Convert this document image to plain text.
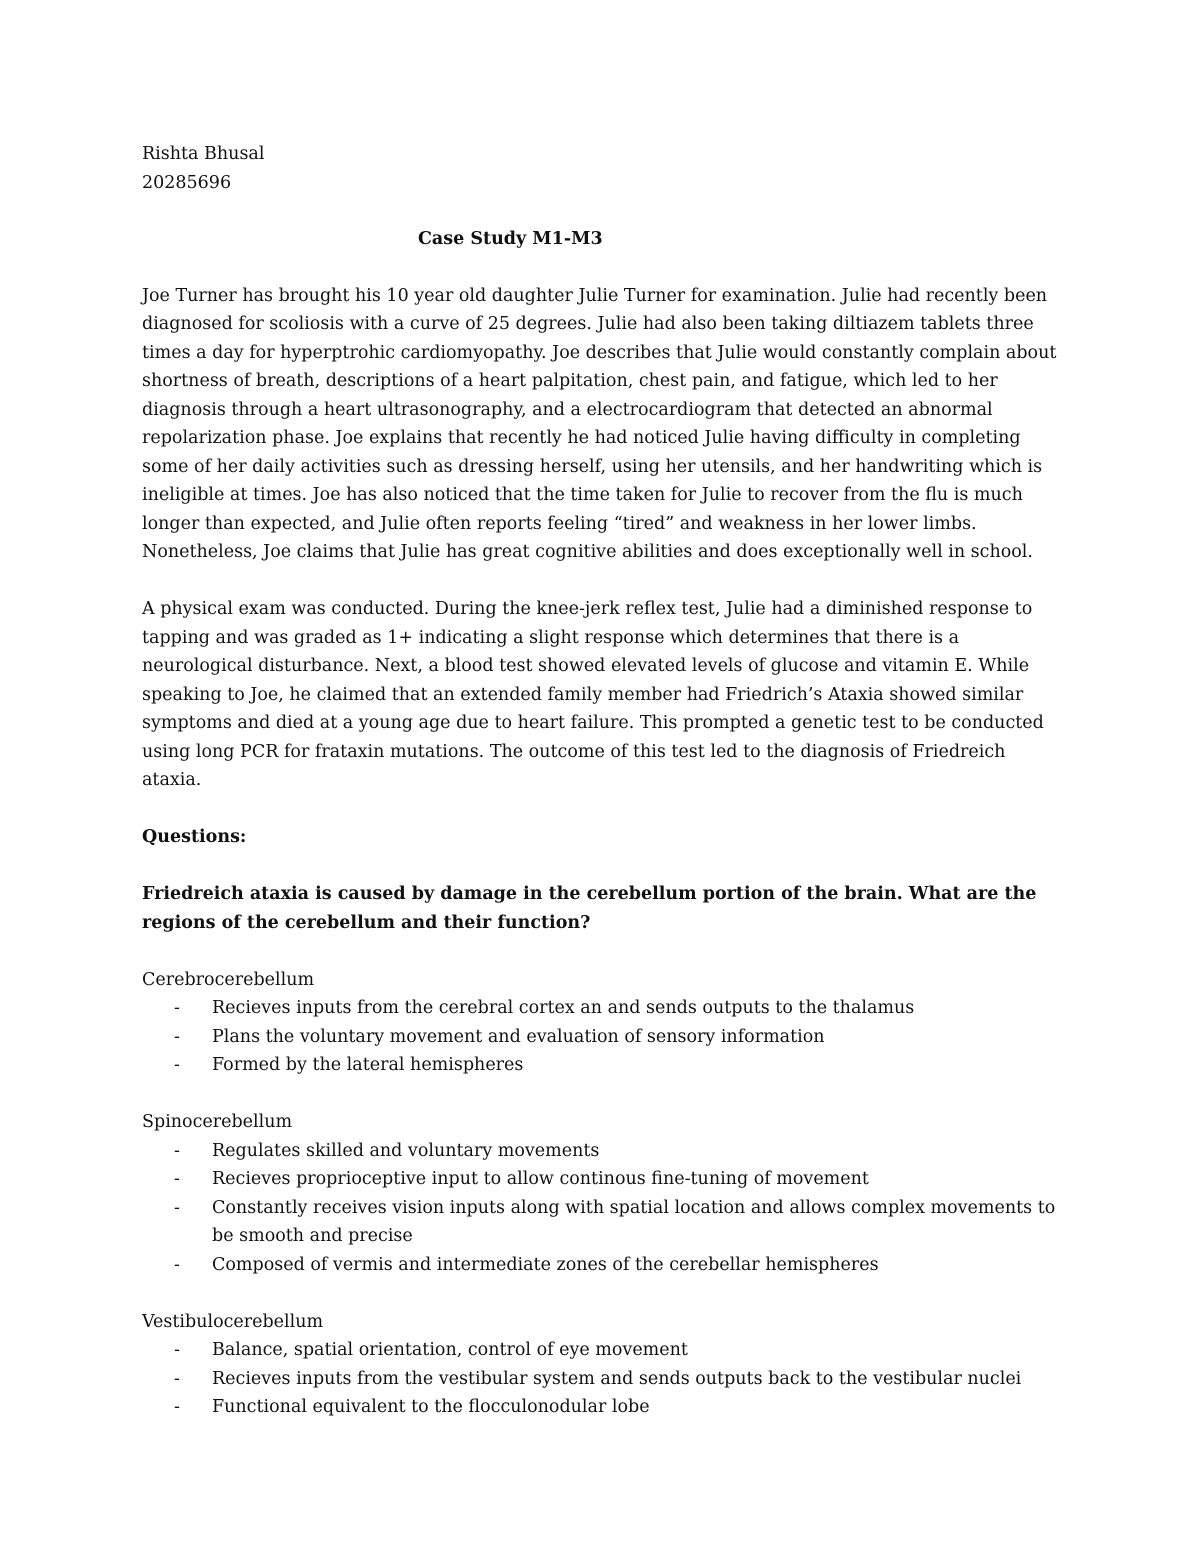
Rishta Bhusal

20285696

Case Study M1-M3

Joe Turner has brought his 10 year old daughter Julie Turner for examination. Julie had recently been diagnosed for scoliosis with a curve of 25 degrees. Julie had also been taking diltiazem tablets three times a day for hyperptrohic cardiomyopathy. Joe describes that Julie would constantly complain about shortness of breath, descriptions of a heart palpitation, chest pain, and fatigue, which led to her diagnosis through a heart ultrasonography, and a electrocardiogram that detected an abnormal repolarization phase. Joe explains that recently he had noticed Julie having difficulty in completing some of her daily activities such as dressing herself, using her utensils, and her handwriting which is ineligible at times. Joe has also noticed that the time taken for Julie to recover from the flu is much longer than expected, and Julie often reports feeling “tired” and weakness in her lower limbs. Nonetheless, Joe claims that Julie has great cognitive abilities and does exceptionally well in school.

A physical exam was conducted. During the knee-jerk reflex test, Julie had a diminished response to tapping and was graded as 1+ indicating a slight response which determines that there is a neurological disturbance. Next, a blood test showed elevated levels of glucose and vitamin E. While speaking to Joe, he claimed that an extended family member had Friedrich’s Ataxia showed similar symptoms and died at a young age due to heart failure. This prompted a genetic test to be conducted using long PCR for frataxin mutations. The outcome of this test led to the diagnosis of Friedreich ataxia.

Questions:

Friedreich ataxia is caused by damage in the cerebellum portion of the brain. What are the regions of the cerebellum and their function?

Cerebrocerebellum

- Recieves inputs from the cerebral cortex an and sends outputs to the thalamus
- Plans the voluntary movement and evaluation of sensory information
- Formed by the lateral hemispheres

Spinocerebellum

- Regulates skilled and voluntary movements
- Recieves proprioceptive input to allow continous fine-tuning of movement
- Constantly receives vision inputs along with spatial location and allows complex movements to be smooth and precise
- Composed of vermis and intermediate zones of the cerebellar hemispheres

Vestibulocerebellum

- Balance, spatial orientation, control of eye movement
- Recieves inputs from the vestibular system and sends outputs back to the vestibular nuclei
- Functional equivalent to the flocculonodular lobe
